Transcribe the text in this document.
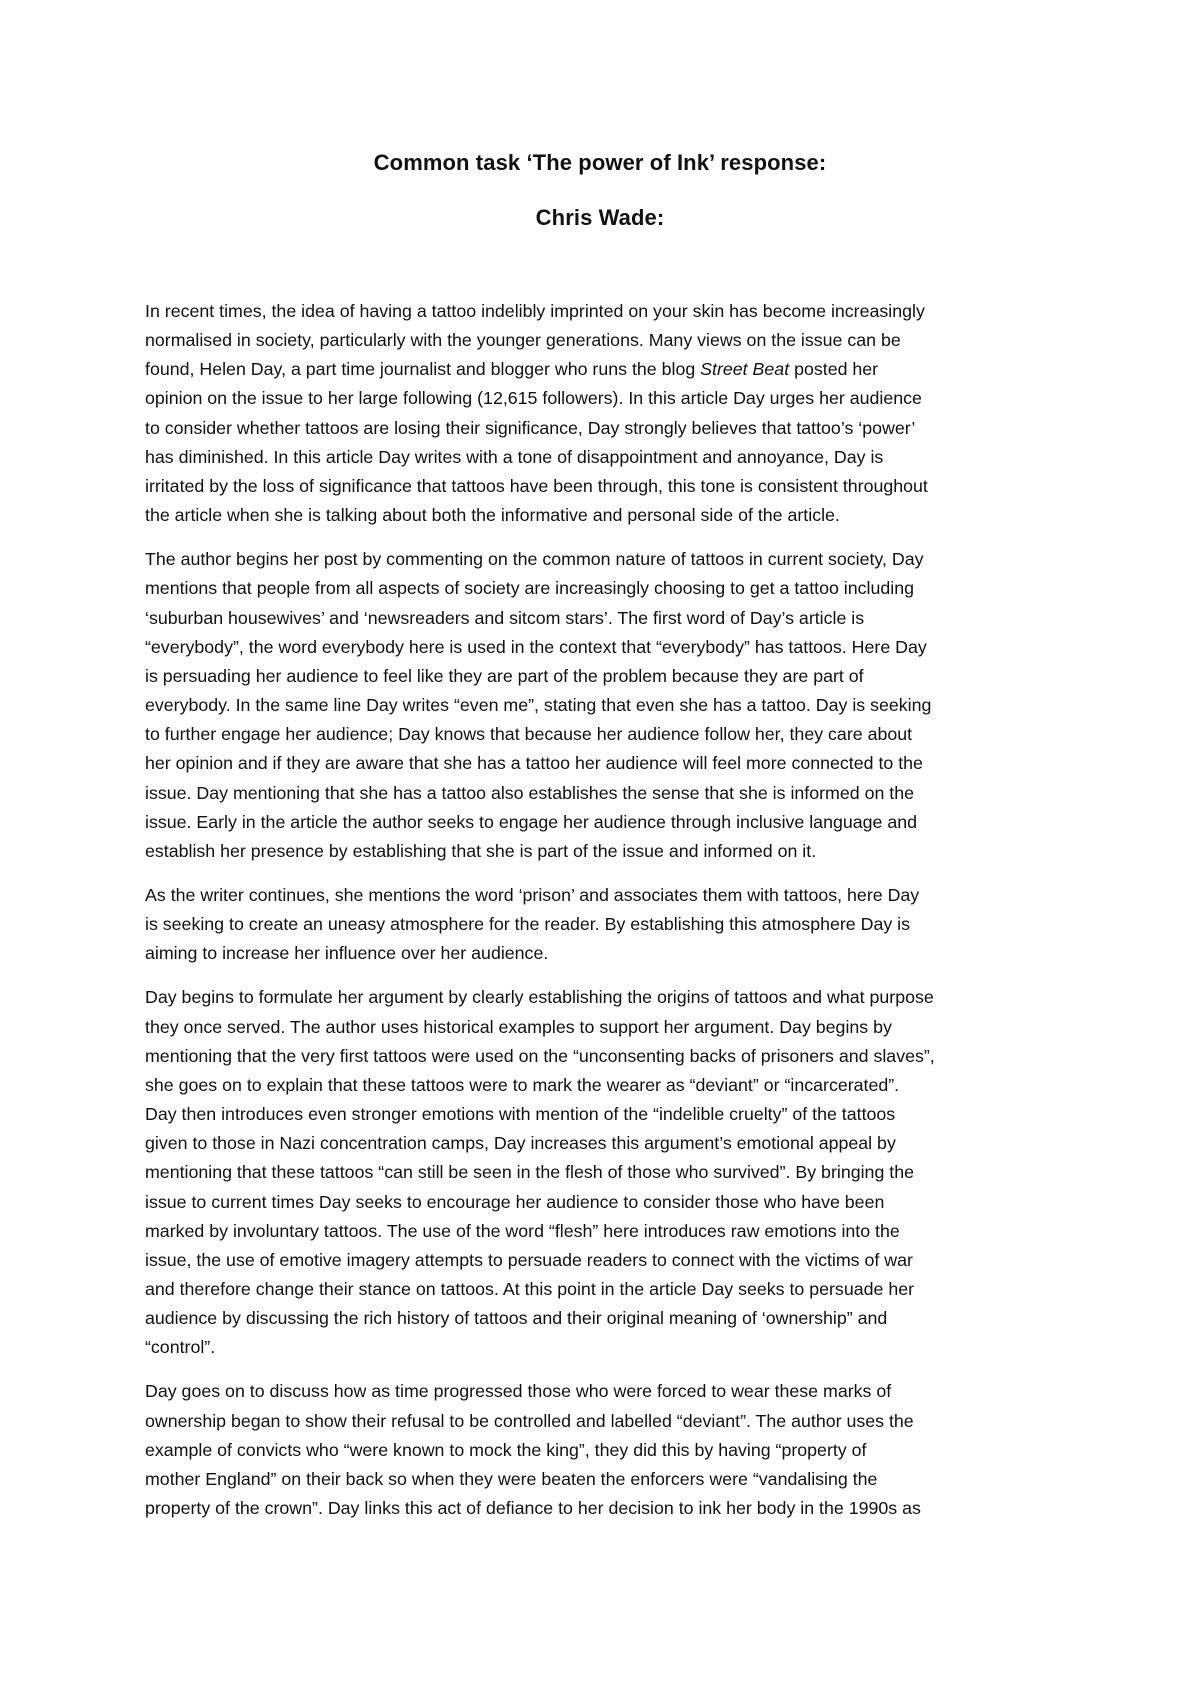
Common task ‘The power of Ink’ response:
Chris Wade:

In recent times, the idea of having a tattoo indelibly imprinted on your skin has become increasingly
normalised in society, particularly with the younger generations. Many views on the issue can be
found, Helen Day, a part time journalist and blogger who runs the blog Street Beat posted her
opinion on the issue to her large following (12,615 followers). In this article Day urges her audience
to consider whether tattoos are losing their significance, Day strongly believes that tattoo’s ‘power’
has diminished. In this article Day writes with a tone of disappointment and annoyance, Day is
irritated by the loss of significance that tattoos have been through, this tone is consistent throughout
the article when she is talking about both the informative and personal side of the article.

The author begins her post by commenting on the common nature of tattoos in current society, Day
mentions that people from all aspects of society are increasingly choosing to get a tattoo including
‘suburban housewives’ and ‘newsreaders and sitcom stars’. The first word of Day’s article is
“everybody”, the word everybody here is used in the context that “everybody” has tattoos. Here Day
is persuading her audience to feel like they are part of the problem because they are part of
everybody. In the same line Day writes “even me”, stating that even she has a tattoo. Day is seeking
to further engage her audience; Day knows that because her audience follow her, they care about
her opinion and if they are aware that she has a tattoo her audience will feel more connected to the
issue. Day mentioning that she has a tattoo also establishes the sense that she is informed on the
issue. Early in the article the author seeks to engage her audience through inclusive language and
establish her presence by establishing that she is part of the issue and informed on it.

As the writer continues, she mentions the word ‘prison’ and associates them with tattoos, here Day
is seeking to create an uneasy atmosphere for the reader. By establishing this atmosphere Day is
aiming to increase her influence over her audience.

Day begins to formulate her argument by clearly establishing the origins of tattoos and what purpose
they once served. The author uses historical examples to support her argument. Day begins by
mentioning that the very first tattoos were used on the “unconsenting backs of prisoners and slaves”,
she goes on to explain that these tattoos were to mark the wearer as “deviant” or “incarcerated”.
Day then introduces even stronger emotions with mention of the “indelible cruelty” of the tattoos
given to those in Nazi concentration camps, Day increases this argument’s emotional appeal by
mentioning that these tattoos “can still be seen in the flesh of those who survived”. By bringing the
issue to current times Day seeks to encourage her audience to consider those who have been
marked by involuntary tattoos. The use of the word “flesh” here introduces raw emotions into the
issue, the use of emotive imagery attempts to persuade readers to connect with the victims of war
and therefore change their stance on tattoos. At this point in the article Day seeks to persuade her
audience by discussing the rich history of tattoos and their original meaning of ‘ownership” and
“control”.

Day goes on to discuss how as time progressed those who were forced to wear these marks of
ownership began to show their refusal to be controlled and labelled “deviant”. The author uses the
example of convicts who “were known to mock the king”, they did this by having “property of
mother England” on their back so when they were beaten the enforcers were “vandalising the
property of the crown”. Day links this act of defiance to her decision to ink her body in the 1990s as
